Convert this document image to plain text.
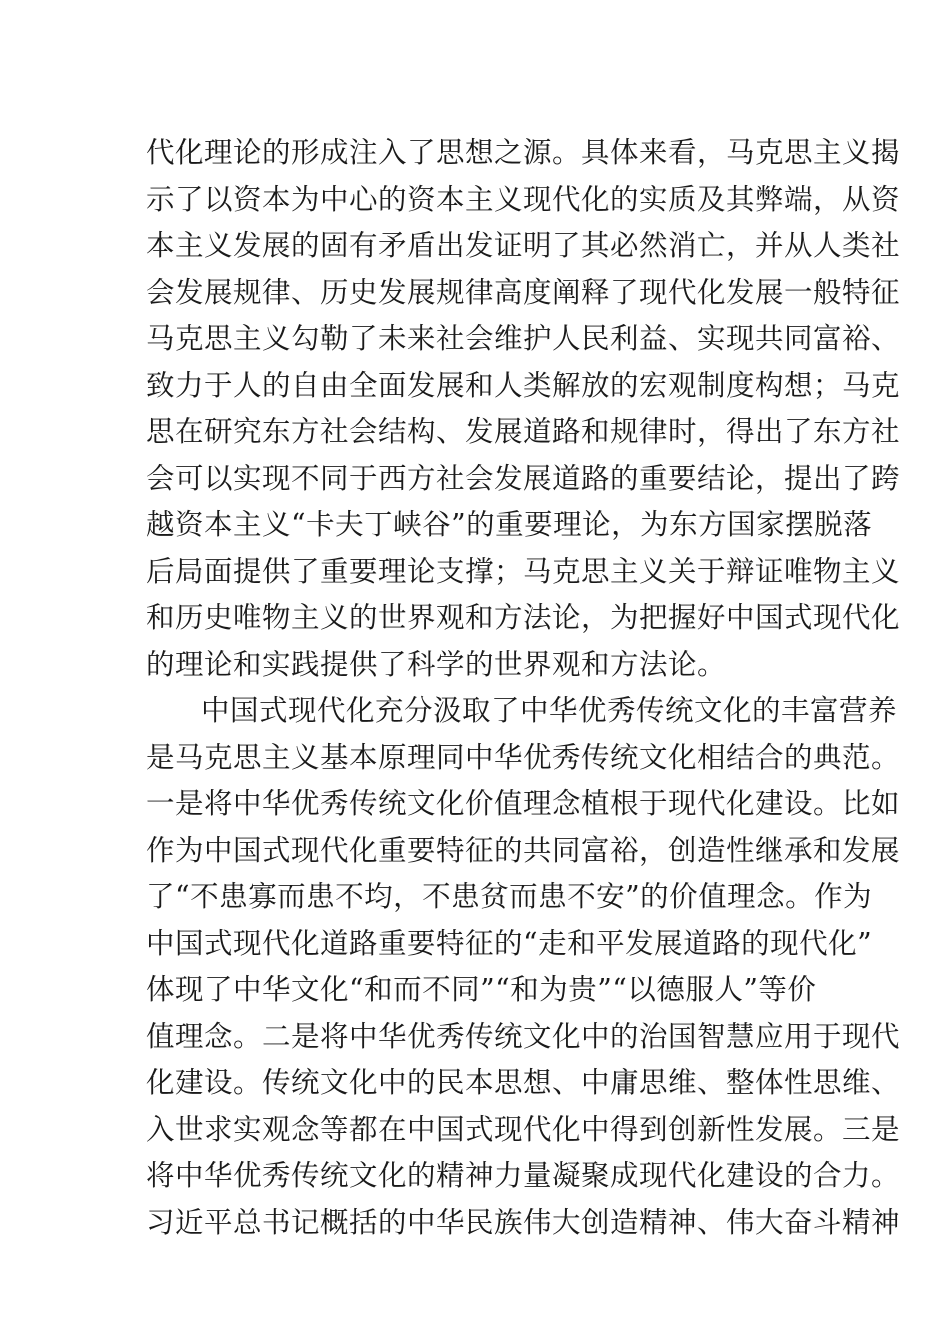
代化理论的形成注入了思想之源。具体来看，马克思主义揭
示了以资本为中心的资本主义现代化的实质及其弊端，从资
本主义发展的固有矛盾出发证明了其必然消亡，并从人类社
会发展规律、历史发展规律高度阐释了现代化发展一般特征
马克思主义勾勒了未来社会维护人民利益、实现共同富裕、
致力于人的自由全面发展和人类解放的宏观制度构想；马克
思在研究东方社会结构、发展道路和规律时，得出了东方社
会可以实现不同于西方社会发展道路的重要结论，提出了跨
越资本主义“卡夫丁峡谷”的重要理论，为东方国家摆脱落
后局面提供了重要理论支撑；马克思主义关于辩证唯物主义
和历史唯物主义的世界观和方法论，为把握好中国式现代化
的理论和实践提供了科学的世界观和方法论。
中国式现代化充分汲取了中华优秀传统文化的丰富营养
是马克思主义基本原理同中华优秀传统文化相结合的典范。
一是将中华优秀传统文化价值理念植根于现代化建设。比如
作为中国式现代化重要特征的共同富裕，创造性继承和发展
了“不患寡而患不均，不患贫而患不安”的价值理念。作为
中国式现代化道路重要特征的“走和平发展道路的现代化”
体现了中华文化“和而不同”“和为贵”“以德服人”等价
值理念。二是将中华优秀传统文化中的治国智慧应用于现代
化建设。传统文化中的民本思想、中庸思维、整体性思维、
入世求实观念等都在中国式现代化中得到创新性发展。三是
将中华优秀传统文化的精神力量凝聚成现代化建设的合力。
习近平总书记概括的中华民族伟大创造精神、伟大奋斗精神
